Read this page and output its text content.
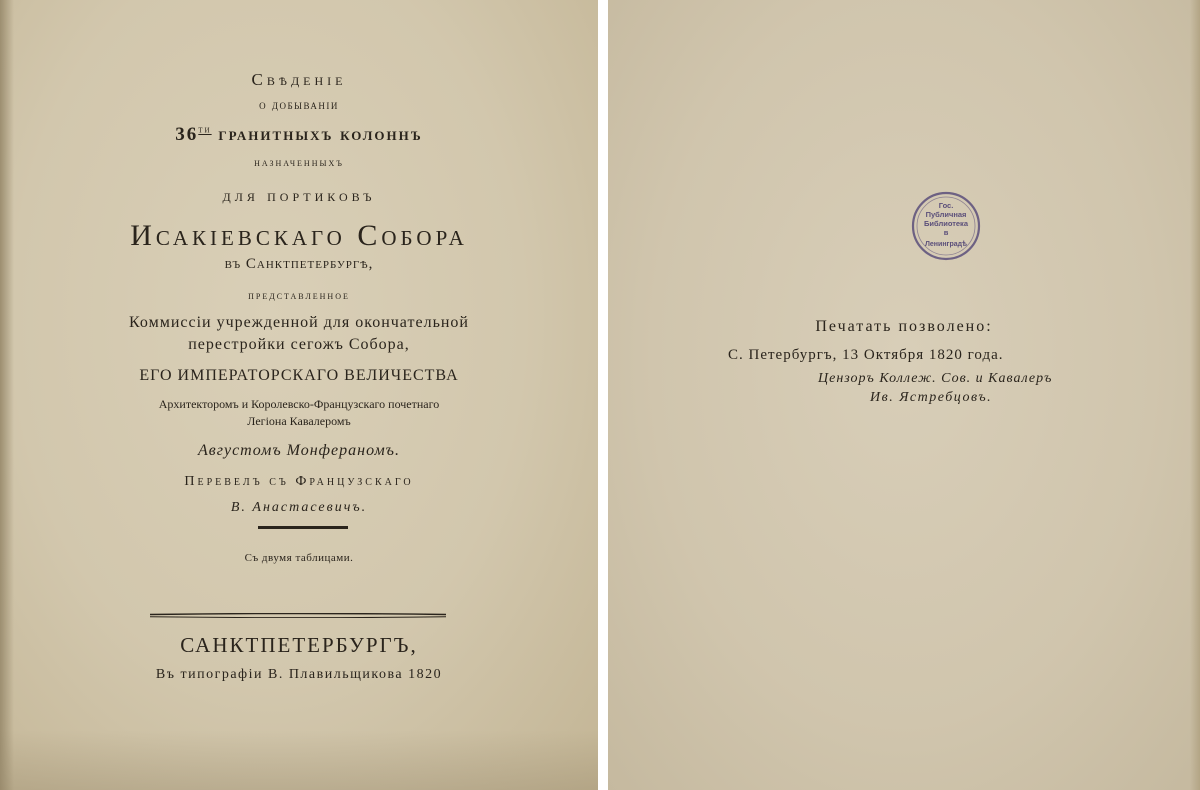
Свѣденіе
о добываніи
$36^{ти}$ гранитныхъ колоннъ
назначенныхъ
для портиковъ
Исакіевскаго Собора
въ Санктпетербургѣ,
представленное
Коммиссіи учрежденной для окончательной
перестройки сегожъ Собора,
ЕГО ИМПЕРАТОРСКАГО ВЕЛИЧЕСТВА
Архитекторомъ и Королевско-Французскаго почетнаго
Легіона Кавалеромъ
Августомъ Монфераномъ.
Перевелъ съ Французскаго
В. Анастасевичъ.
Съ двумя таблицами.
САНКТПЕТЕРБУРГЪ,
Въ типографіи В. Плавильщикова 1820
Гос.
Публичная
Библиотека
в
Ленинградѣ
Печатать позволено:
С. Петербургъ, 13 Октября 1820 года.
Цензоръ Коллеж. Сов. и Кавалеръ
Ив. Ястребцовъ.
